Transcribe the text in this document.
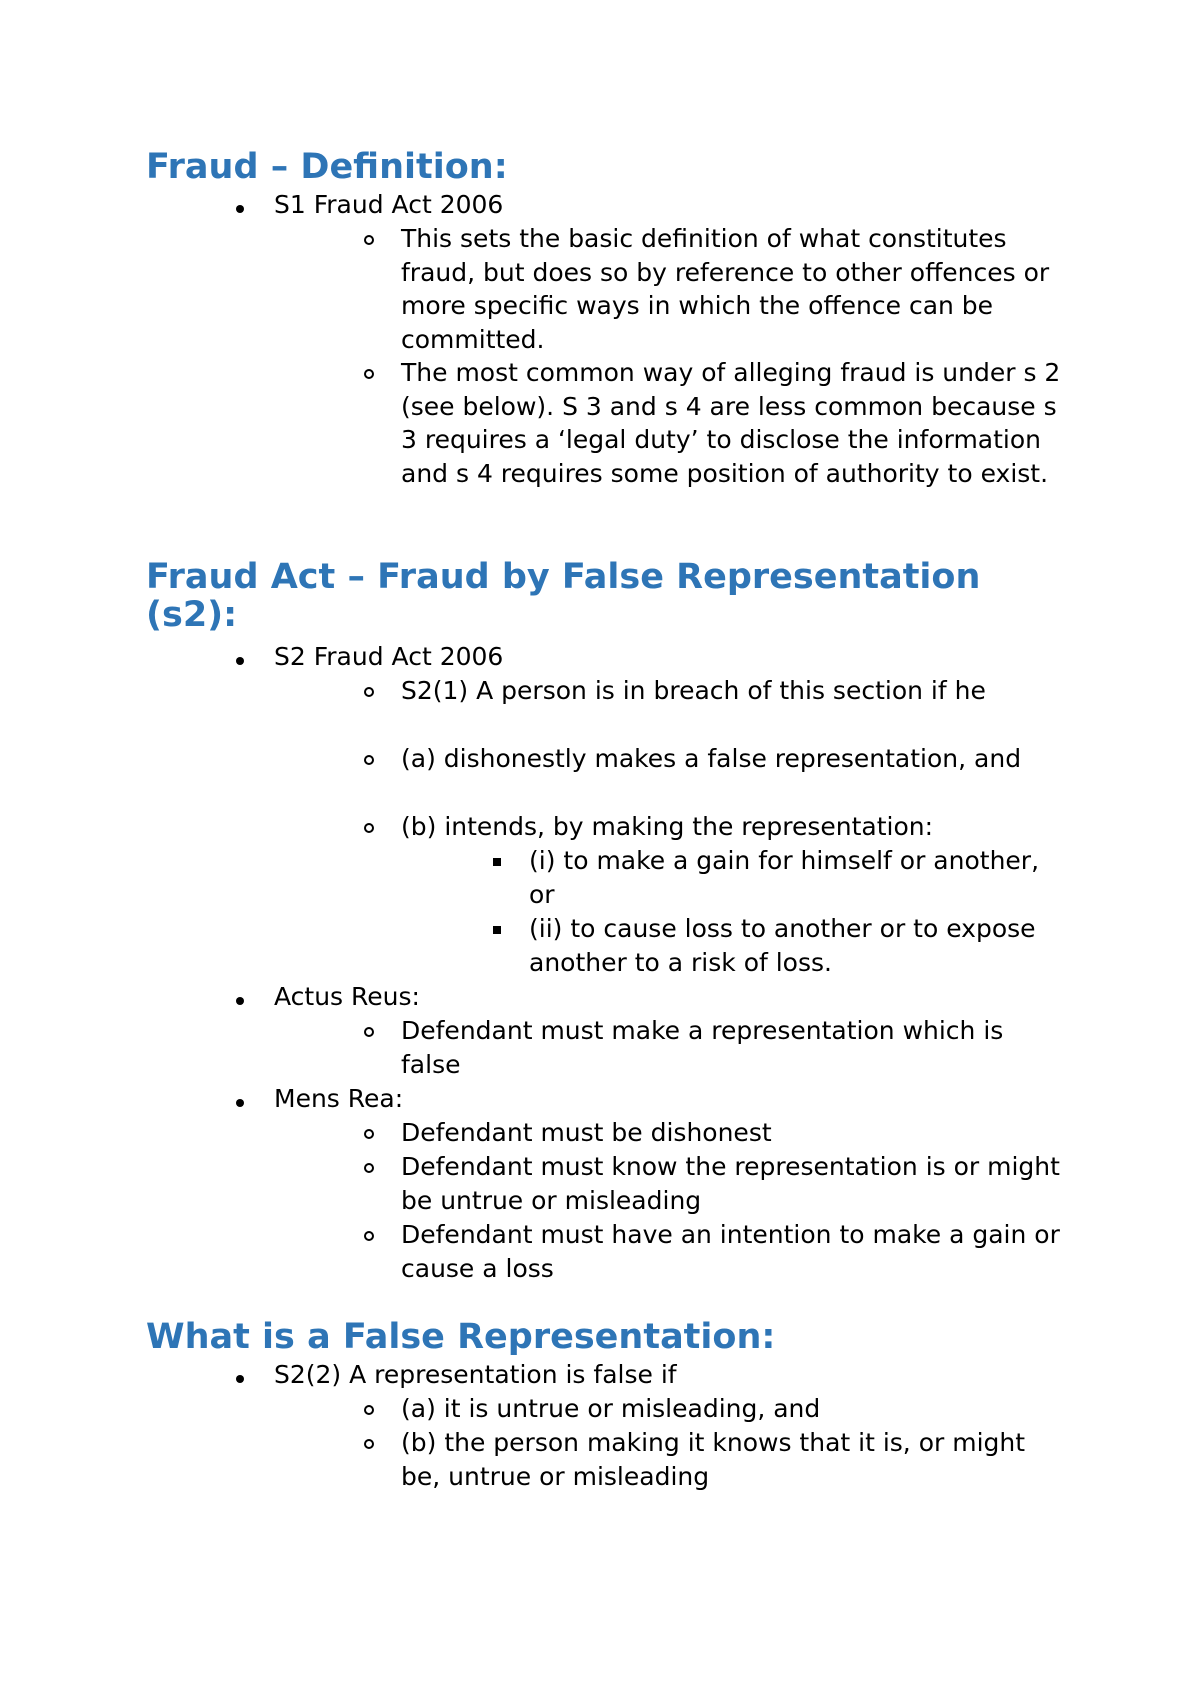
Fraud – Definition:
S1 Fraud Act 2006
This sets the basic definition of what constitutes fraud, but does so by reference to other offences or more specific ways in which the offence can be committed.
The most common way of alleging fraud is under s 2 (see below). S 3 and s 4 are less common because s 3 requires a ‘legal duty’ to disclose the information and s 4 requires some position of authority to exist.
Fraud Act – Fraud by False Representation (s2):
S2 Fraud Act 2006
S2(1) A person is in breach of this section if he
(a) dishonestly makes a false representation, and
(b) intends, by making the representation:
(i) to make a gain for himself or another, or
(ii) to cause loss to another or to expose another to a risk of loss.
Actus Reus:
Defendant must make a representation which is false
Mens Rea:
Defendant must be dishonest
Defendant must know the representation is or might be untrue or misleading
Defendant must have an intention to make a gain or cause a loss
What is a False Representation:
S2(2) A representation is false if
(a) it is untrue or misleading, and
(b) the person making it knows that it is, or might be, untrue or misleading
